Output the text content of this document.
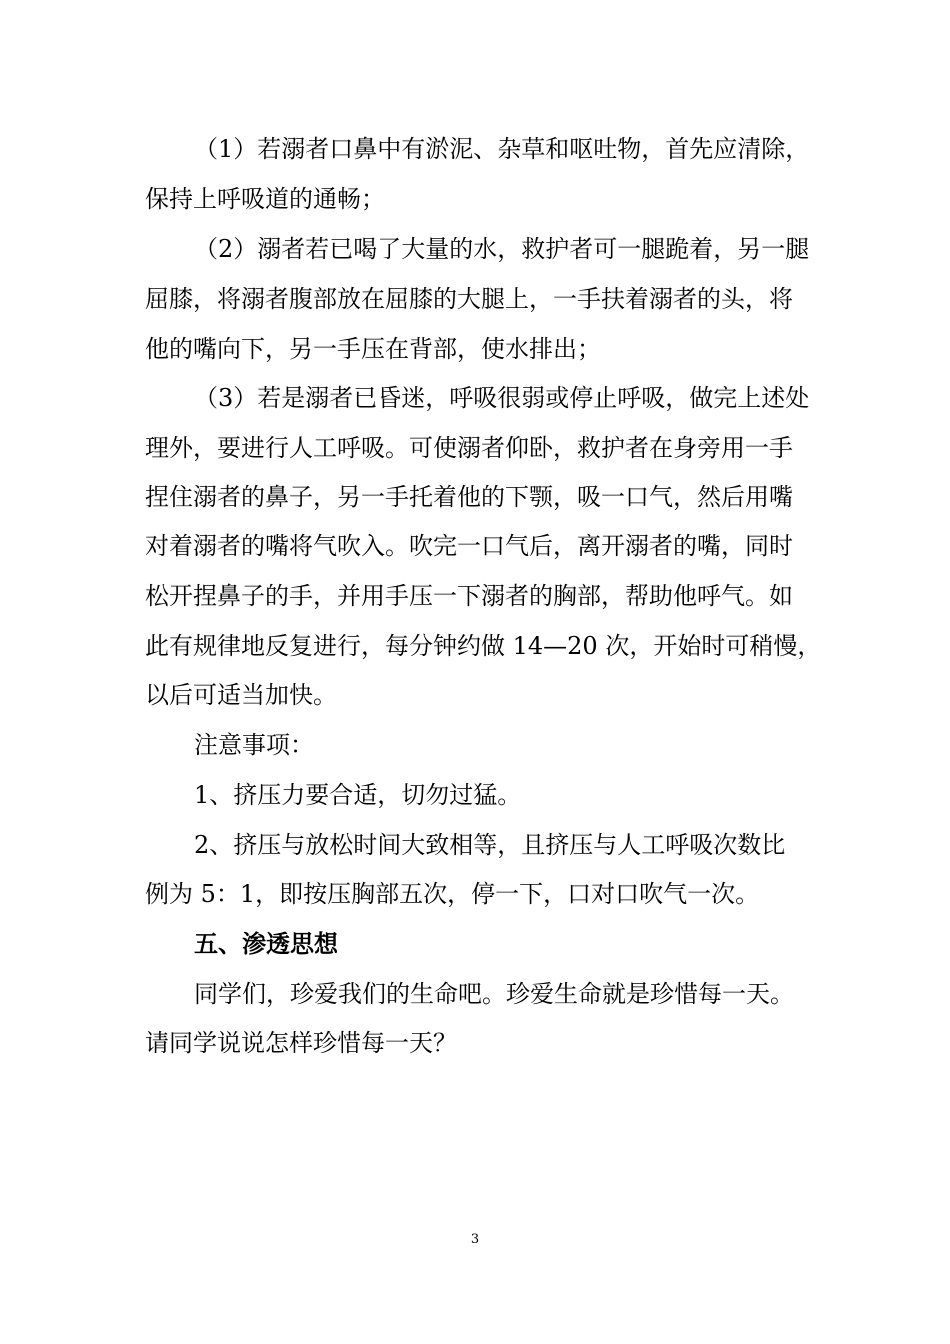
（1）若溺者口鼻中有淤泥、杂草和呕吐物，首先应清除，
保持上呼吸道的通畅；
（2）溺者若已喝了大量的水，救护者可一腿跪着，另一腿
屈膝，将溺者腹部放在屈膝的大腿上，一手扶着溺者的头，将
他的嘴向下，另一手压在背部，使水排出；
（3）若是溺者已昏迷，呼吸很弱或停止呼吸，做完上述处
理外，要进行人工呼吸。可使溺者仰卧，救护者在身旁用一手
捏住溺者的鼻子，另一手托着他的下颚，吸一口气，然后用嘴
对着溺者的嘴将气吹入。吹完一口气后，离开溺者的嘴，同时
松开捏鼻子的手，并用手压一下溺者的胸部，帮助他呼气。如
此有规律地反复进行，每分钟约做 14—20 次，开始时可稍慢，
以后可适当加快。
注意事项：
1、挤压力要合适，切勿过猛。
2、挤压与放松时间大致相等，且挤压与人工呼吸次数比
例为 5：1，即按压胸部五次，停一下，口对口吹气一次。
五、渗透思想
同学们，珍爱我们的生命吧。珍爱生命就是珍惜每一天。
请同学说说怎样珍惜每一天？
3
